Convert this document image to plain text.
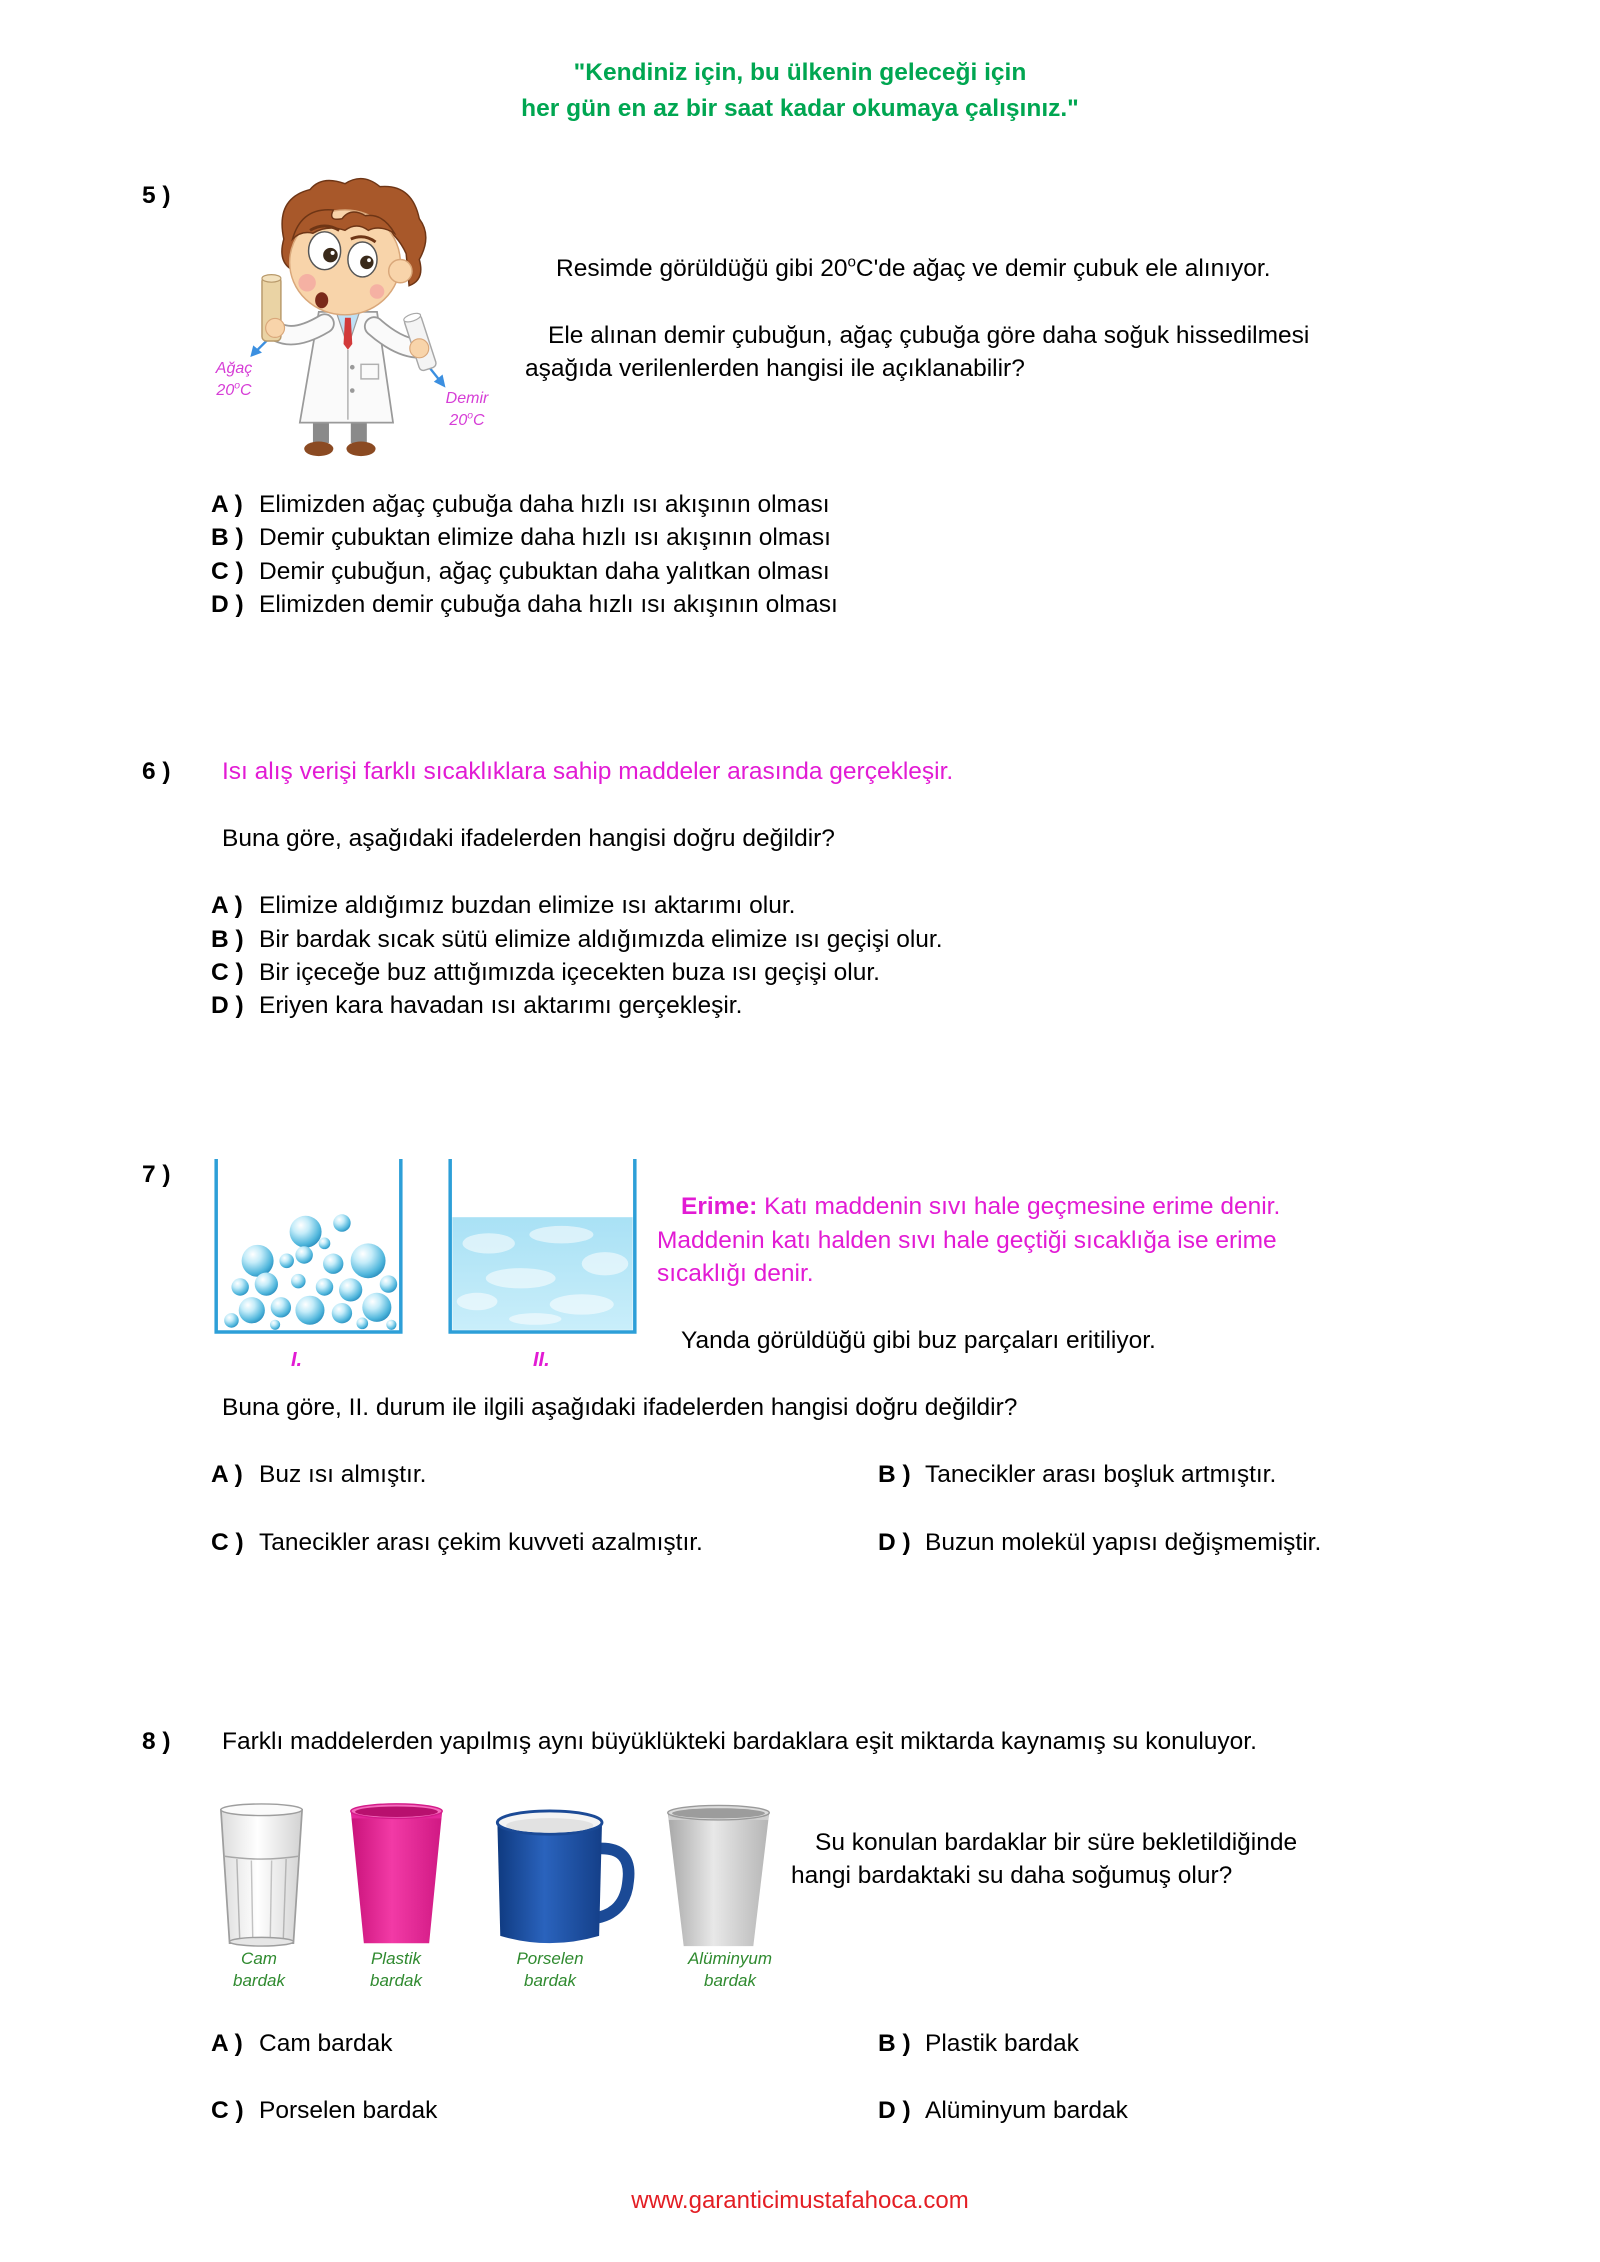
"Kendiniz için, bu ülkenin geleceği için
her gün en az bir saat kadar okumaya çalışınız."
5 )
Ağaç
20$^o$C	Demir
20$^o$C
Resimde görüldüğü gibi 20$^o$C'de ağaç ve demir çubuk ele alınıyor.
Ele alınan demir çubuğun, ağaç çubuğa göre daha soğuk hissedilmesi
aşağıda verilenlerden hangisi ile açıklanabilir?
A ) Elimizden ağaç çubuğa daha hızlı ısı akışının olması
B ) Demir çubuktan elimize daha hızlı ısı akışının olması
C ) Demir çubuğun, ağaç çubuktan daha yalıtkan olması
D ) Elimizden demir çubuğa daha hızlı ısı akışının olması
6 ) Isı alış verişi farklı sıcaklıklara sahip maddeler arasında gerçekleşir.
Buna göre, aşağıdaki ifadelerden hangisi doğru değildir?
A ) Elimize aldığımız buzdan elimize ısı aktarımı olur.
B ) Bir bardak sıcak sütü elimize aldığımızda elimize ısı geçişi olur.
C ) Bir içeceğe buz attığımızda içecekten buza ısı geçişi olur.
D ) Eriyen kara havadan ısı aktarımı gerçekleşir.
7 )
I.	II.
Erime: Katı maddenin sıvı hale geçmesine erime denir.
Maddenin katı halden sıvı hale geçtiği sıcaklığa ise erime
sıcaklığı denir.
Yanda görüldüğü gibi buz parçaları eritiliyor.
Buna göre, II. durum ile ilgili aşağıdaki ifadelerden hangisi doğru değildir?
A ) Buz ısı almıştır.	B ) Tanecikler arası boşluk artmıştır.
C ) Tanecikler arası çekim kuvveti azalmıştır.	D ) Buzun molekül yapısı değişmemiştir.
8 ) Farklı maddelerden yapılmış aynı büyüklükteki bardaklara eşit miktarda kaynamış su konuluyor.
Cam
bardak
Plastik
bardak
Porselen
bardak
Alüminyum
bardak
Su konulan bardaklar bir süre bekletildiğinde
hangi bardaktaki su daha soğumuş olur?
A ) Cam bardak	B ) Plastik bardak
C ) Porselen bardak	D ) Alüminyum bardak
www.garanticimustafahoca.com
